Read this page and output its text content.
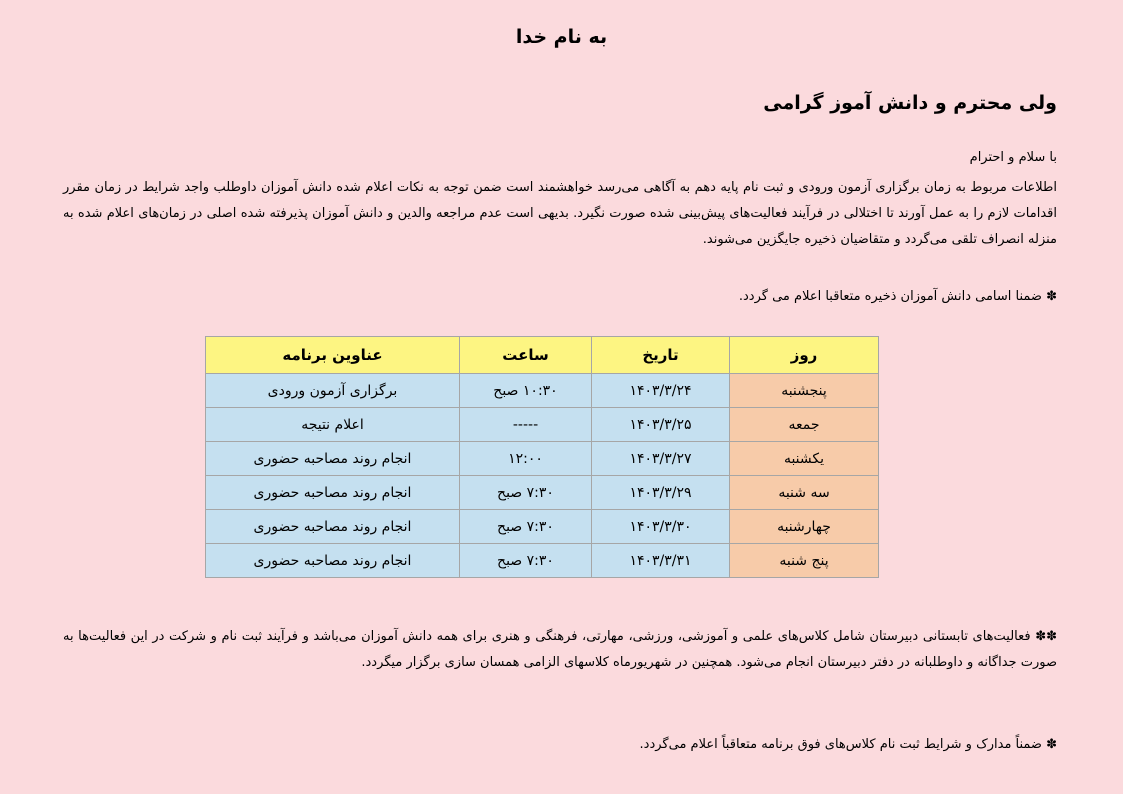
به نام خدا
ولی محترم و دانش آموز گرامی

با سلام و احترام

اطلاعات مربوط به زمان برگزاری آزمون ورودی و ثبت نام پایه دهم به آگاهی می‌رسد خواهشمند است ضمن توجه به نکات اعلام شده دانش آموزان داوطلب واجد شرایط در زمان مقرر اقدامات لازم را به عمل آورند تا اختلالی در فرآیند فعالیت‌های پیش‌بینی شده صورت نگیرد. بدیهی است عدم مراجعه والدین و دانش آموزان پذیرفته شده اصلی در زمان‌های اعلام شده به منزله انصراف تلقی می‌گردد و متقاضیان ذخیره جایگزین می‌شوند.

✽ ضمنا اسامی دانش آموزان ذخیره متعاقبا اعلام می گردد.

روز	تاریخ	ساعت	عناوین برنامه
پنجشنبه	۱۴۰۳/۳/۲۴	۱۰:۳۰ صبح	برگزاری آزمون ورودی
جمعه	۱۴۰۳/۳/۲۵	-----	اعلام نتیجه
یکشنبه	۱۴۰۳/۳/۲۷	۱۲:۰۰	انجام روند مصاحبه حضوری
سه شنبه	۱۴۰۳/۳/۲۹	۷:۳۰ صبح	انجام روند مصاحبه حضوری
چهارشنبه	۱۴۰۳/۳/۳۰	۷:۳۰ صبح	انجام روند مصاحبه حضوری
پنج شنبه	۱۴۰۳/۳/۳۱	۷:۳۰ صبح	انجام روند مصاحبه حضوری

✽✽ فعالیت‌های تابستانی دبیرستان شامل کلاس‌های علمی و آموزشی، ورزشی، مهارتی، فرهنگی و هنری برای همه دانش آموزان می‌باشد و فرآیند ثبت نام و شرکت در این فعالیت‌ها به صورت جداگانه و داوطلبانه در دفتر دبیرستان انجام می‌شود. همچنین در شهریورماه کلاسهای الزامی همسان سازی برگزار میگردد.

✽ ضمناً مدارک و شرایط ثبت نام کلاس‌های فوق برنامه متعاقباً اعلام می‌گردد.
